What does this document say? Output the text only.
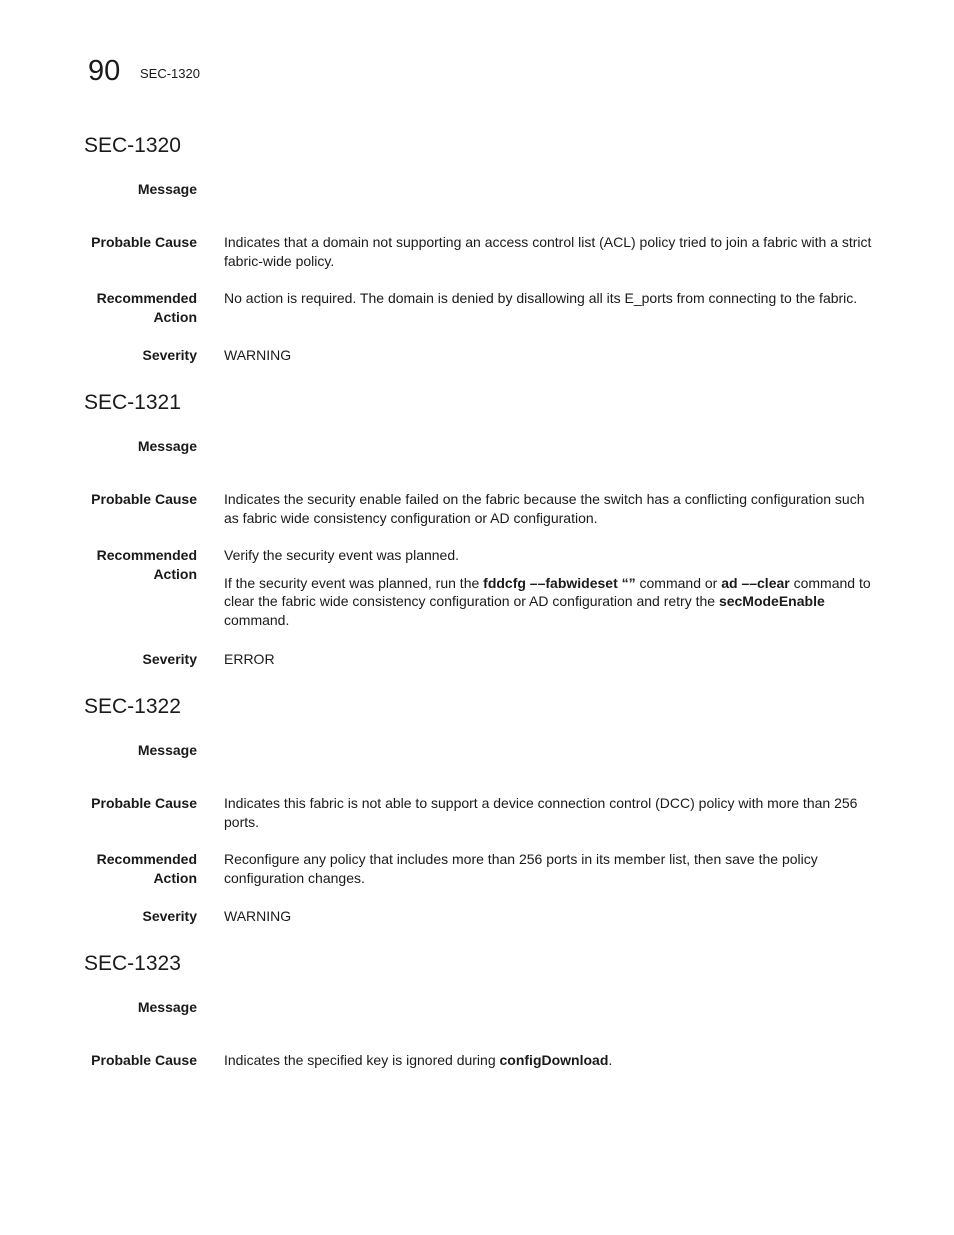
90 SEC-1320
SEC-1320
Message
Probable Cause Indicates that a domain not supporting an access control list (ACL) policy tried to join a fabric with a strict fabric-wide policy.
Recommended
Action
No action is required. The domain is denied by disallowing all its E_ports from connecting to the fabric.
Severity WARNING
SEC-1321
Message
Probable Cause Indicates the security enable failed on the fabric because the switch has a conflicting configuration such as fabric wide consistency configuration or AD configuration.
Recommended
Action

Verify the security event was planned.

If the security event was planned, run the fddcfg ––fabwideset “” command or ad ––clear command to clear the fabric wide consistency configuration or AD configuration and retry the secModeEnable command.

Severity ERROR
SEC-1322
Message
Probable Cause Indicates this fabric is not able to support a device connection control (DCC) policy with more than 256 ports.
Recommended
Action
Reconfigure any policy that includes more than 256 ports in its member list, then save the policy configuration changes.
Severity WARNING
SEC-1323
Message
Probable Cause Indicates the specified key is ignored during configDownload.
